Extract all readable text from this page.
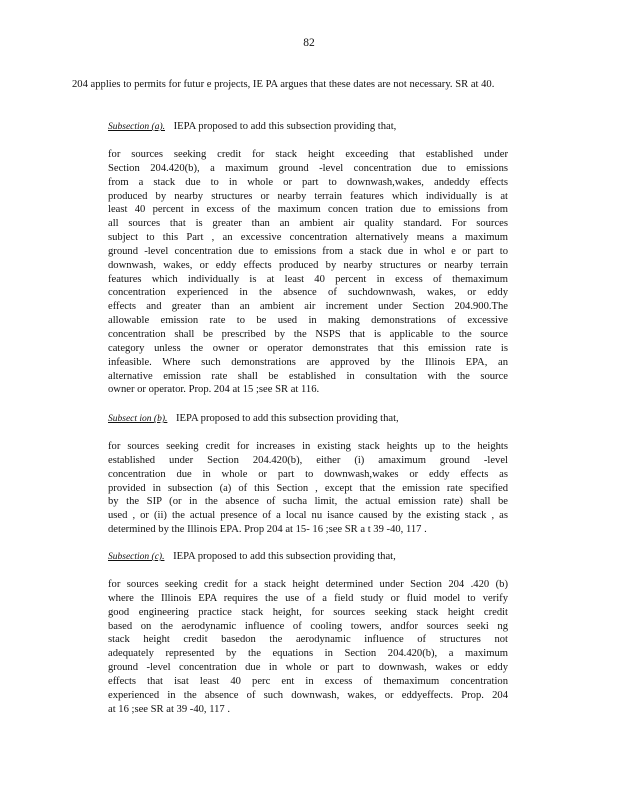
82
204 applies to permits for futur e projects, IE PA argues that these dates are not necessary. SR at 40.
Subsection (a). IEPA proposed to add this subsection providing that,
for sources seeking credit for stack height exceeding that established under
Section 204.420(b), a maximum ground -level concentration due to emissions
from a stack due to in whole or part to downwash,wakes, andeddy effects
produced by nearby structures or nearby terrain features which individually is at
least 40 percent in excess of the maximum concen tration due to emissions from
all sources that is greater than an ambient air quality standard. For sources
subject to this Part , an excessive concentration alternatively means a maximum
ground -level concentration due to emissions from a stack due in whol e or part to
downwash, wakes, or eddy effects produced by nearby structures or nearby terrain
features which individually is at least 40 percent in excess of themaximum
concentration experienced in the absence of suchdownwash, wakes, or eddy
effects and greater than an ambient air increment under Section 204.900.The
allowable emission rate to be used in making demonstrations of excessive
concentration shall be prescribed by the NSPS that is applicable to the source
category unless the owner or operator demonstrates that this emission rate is
infeasible. Where such demonstrations are approved by the Illinois EPA, an
alternative emission rate shall be established in consultation with the source
owner or operator. Prop. 204 at 15 ;see SR at 116.
Subsect ion (b). IEPA proposed to add this subsection providing that,
for sources seeking credit for increases in existing stack heights up to the heights
established under Section 204.420(b), either (i) amaximum ground -level
concentration due in whole or part to downwash,wakes or eddy effects as
provided in subsection (a) of this Section , except that the emission rate specified
by the SIP (or in the absence of sucha limit, the actual emission rate) shall be
used , or (ii) the actual presence of a local nu isance caused by the existing stack , as
determined by the Illinois EPA. Prop 204 at 15- 16 ;see SR a t 39 -40, 117 .
Subsection (c). IEPA proposed to add this subsection providing that,
for sources seeking credit for a stack height determined under Section 204 .420 (b)
where the Illinois EPA requires the use of a field study or fluid model to verify
good engineering practice stack height, for sources seeking stack height credit
based on the aerodynamic influence of cooling towers, andfor sources seeki ng
stack height credit basedon the aerodynamic influence of structures not
adequately represented by the equations in Section 204.420(b), a maximum
ground -level concentration due in whole or part to downwash, wakes or eddy
effects that isat least 40 perc ent in excess of themaximum concentration
experienced in the absence of such downwash, wakes, or eddyeffects. Prop. 204
at 16 ;see SR at 39 -40, 117 .
